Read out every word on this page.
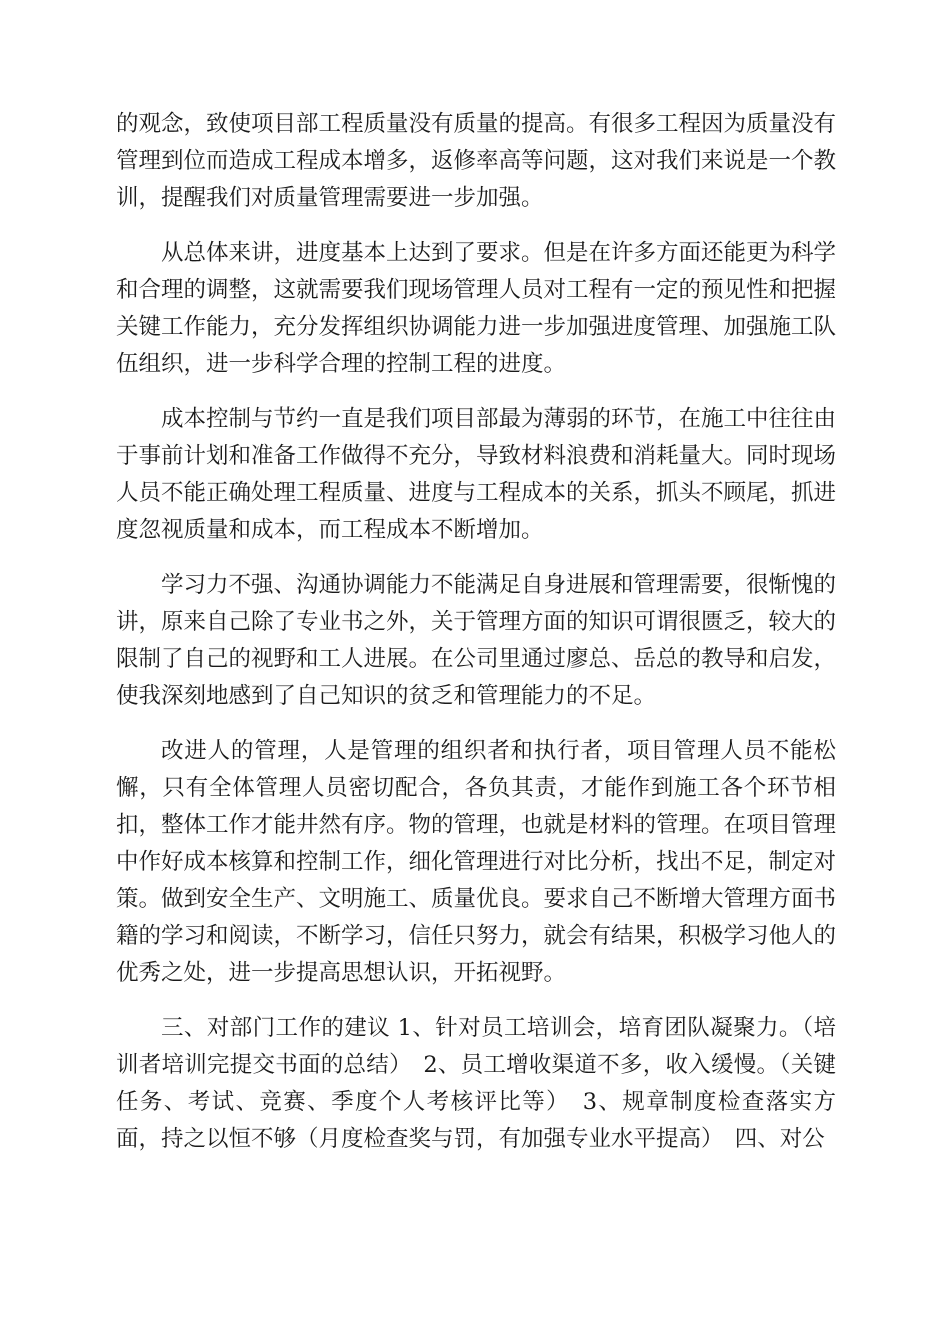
的观念，致使项目部工程质量没有质量的提高。有很多工程因为质量没有管理到位而造成工程成本增多，返修率高等问题，这对我们来说是一个教训，提醒我们对质量管理需要进一步加强。

从总体来讲，进度基本上达到了要求。但是在许多方面还能更为科学和合理的调整，这就需要我们现场管理人员对工程有一定的预见性和把握关键工作能力，充分发挥组织协调能力进一步加强进度管理、加强施工队伍组织，进一步科学合理的控制工程的进度。

成本控制与节约一直是我们项目部最为薄弱的环节，在施工中往往由于事前计划和准备工作做得不充分，导致材料浪费和消耗量大。同时现场人员不能正确处理工程质量、进度与工程成本的关系，抓头不顾尾，抓进度忽视质量和成本，而工程成本不断增加。

学习力不强、沟通协调能力不能满足自身进展和管理需要，很惭愧的讲，原来自己除了专业书之外，关于管理方面的知识可谓很匮乏，较大的限制了自己的视野和工人进展。在公司里通过廖总、岳总的教导和启发，使我深刻地感到了自己知识的贫乏和管理能力的不足。

改进人的管理，人是管理的组织者和执行者，项目管理人员不能松懈，只有全体管理人员密切配合，各负其责，才能作到施工各个环节相扣，整体工作才能井然有序。物的管理，也就是材料的管理。在项目管理中作好成本核算和控制工作，细化管理进行对比分析，找出不足，制定对策。做到安全生产、文明施工、质量优良。要求自己不断增大管理方面书籍的学习和阅读，不断学习，信任只努力，就会有结果，积极学习他人的优秀之处，进一步提高思想认识，开拓视野。

三、对部门工作的建议 1、针对员工培训会，培育团队凝聚力。（培训者培训完提交书面的总结）　2、员工增收渠道不多，收入缓慢。（关键任务、考试、竞赛、季度个人考核评比等）　3、规章制度检查落实方面，持之以恒不够（月度检查奖与罚，有加强专业水平提高）　四、对公
